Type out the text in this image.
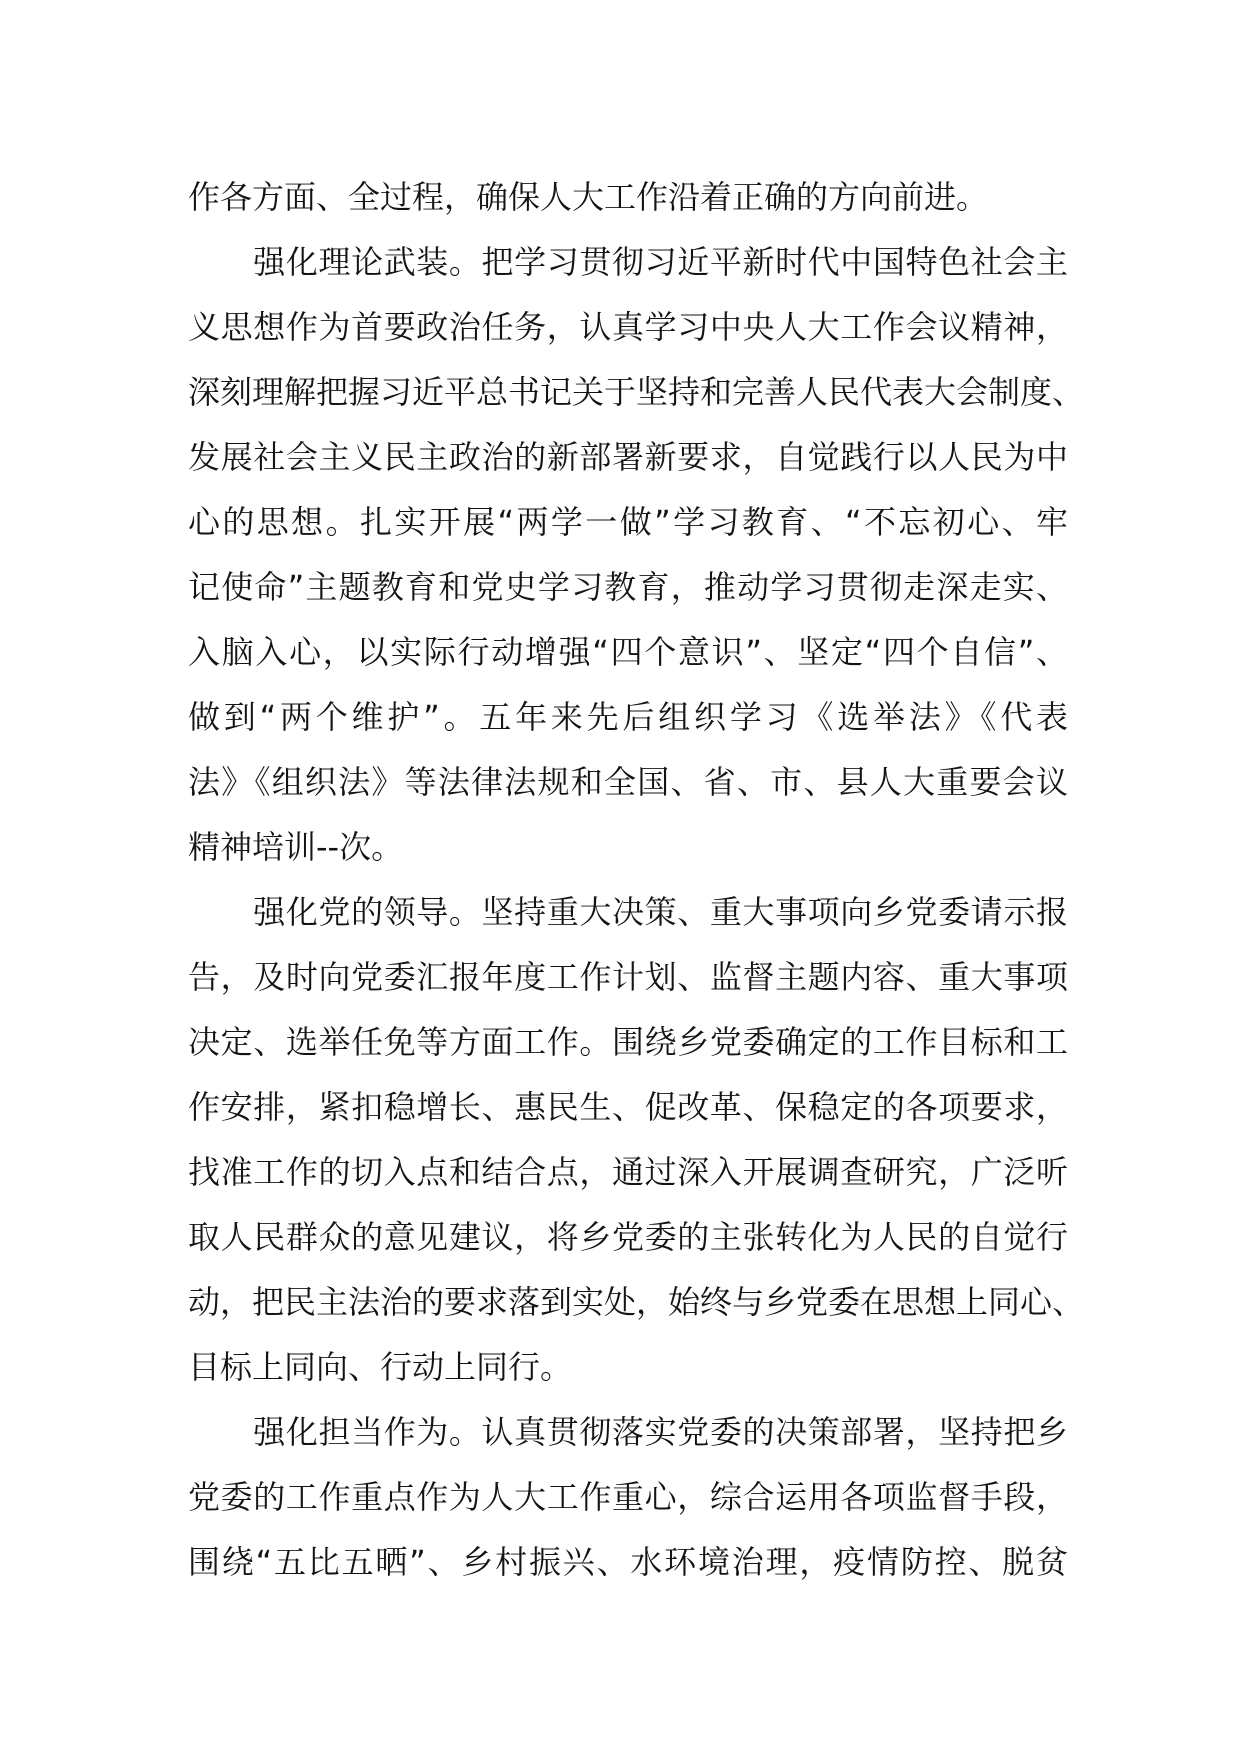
作各方面、全过程，确保人大工作沿着正确的方向前进。
　　强化理论武装。把学习贯彻习近平新时代中国特色社会主
义思想作为首要政治任务，认真学习中央人大工作会议精神，
深刻理解把握习近平总书记关于坚持和完善人民代表大会制度、
发展社会主义民主政治的新部署新要求，自觉践行以人民为中
心的思想。扎实开展“两学一做”学习教育、“不忘初心、牢
记使命”主题教育和党史学习教育，推动学习贯彻走深走实、
入脑入心，以实际行动增强“四个意识”、坚定“四个自信”、
做到“两个维护”。五年来先后组织学习《选举法》《代表
法》《组织法》等法律法规和全国、省、市、县人大重要会议
精神培训--次。
　　强化党的领导。坚持重大决策、重大事项向乡党委请示报
告，及时向党委汇报年度工作计划、监督主题内容、重大事项
决定、选举任免等方面工作。围绕乡党委确定的工作目标和工
作安排，紧扣稳增长、惠民生、促改革、保稳定的各项要求，
找准工作的切入点和结合点，通过深入开展调查研究，广泛听
取人民群众的意见建议，将乡党委的主张转化为人民的自觉行
动，把民主法治的要求落到实处，始终与乡党委在思想上同心、
目标上同向、行动上同行。
　　强化担当作为。认真贯彻落实党委的决策部署，坚持把乡
党委的工作重点作为人大工作重心，综合运用各项监督手段，
围绕“五比五晒”、乡村振兴、水环境治理，疫情防控、脱贫
